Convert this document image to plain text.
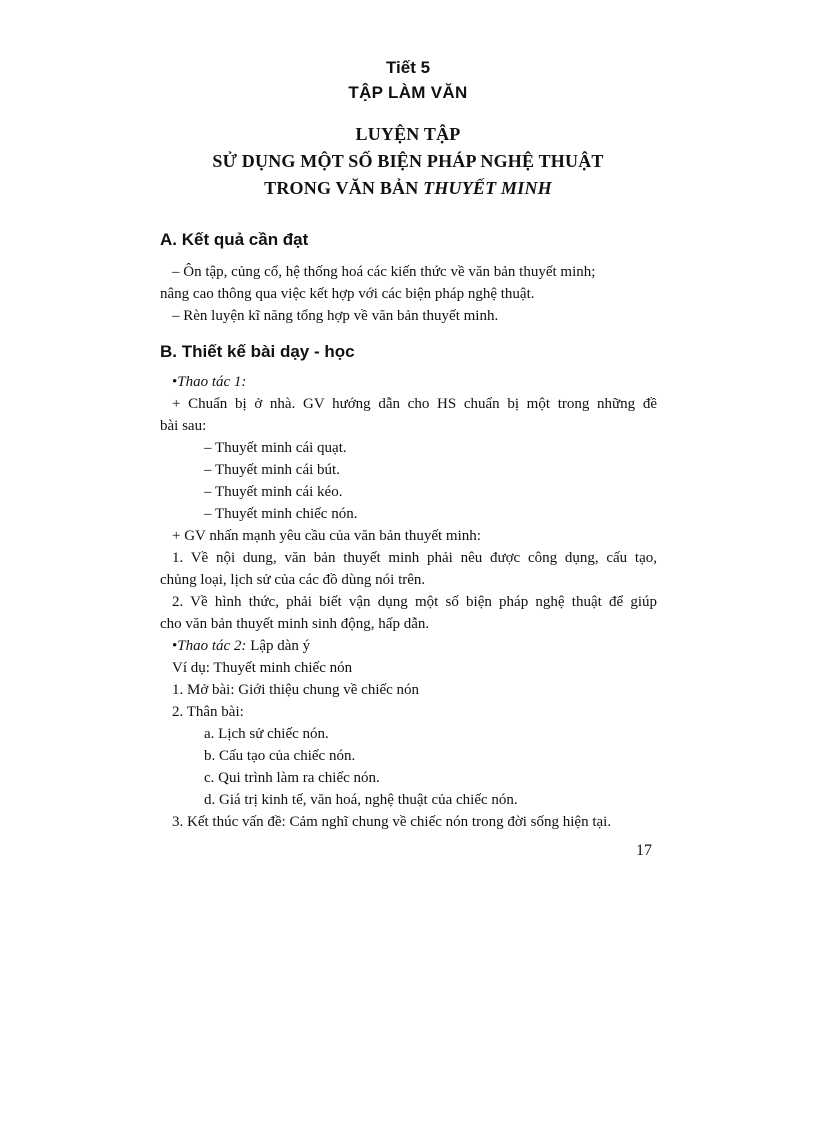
Tiết 5
TẬP LÀM VĂN
LUYỆN TẬP
SỬ DỤNG MỘT SỐ BIỆN PHÁP NGHỆ THUẬT
TRONG VĂN BẢN THUYẾT MINH
A. Kết quả cần đạt
– Ôn tập, củng cố, hệ thống hoá các kiến thức về văn bản thuyết minh;
nâng cao thông qua việc kết hợp với các biện pháp nghệ thuật.
– Rèn luyện kĩ năng tổng hợp về văn bản thuyết minh.
B. Thiết kế bài dạy - học
•Thao tác 1:
+ Chuẩn bị ở nhà. GV hướng dẫn cho HS chuẩn bị một trong những đề
bài sau:
– Thuyết minh cái quạt.
– Thuyết minh cái bút.
– Thuyết minh cái kéo.
– Thuyết minh chiếc nón.
+ GV nhấn mạnh yêu cầu của văn bản thuyết minh:
1. Về nội dung, văn bản thuyết minh phải nêu được công dụng, cấu tạo,
chủng loại, lịch sử của các đồ dùng nói trên.
2. Về hình thức, phải biết vận dụng một số biện pháp nghệ thuật để giúp
cho văn bản thuyết minh sinh động, hấp dẫn.
•Thao tác 2: Lập dàn ý
Ví dụ: Thuyết minh chiếc nón
1. Mở bài: Giới thiệu chung về chiếc nón
2. Thân bài:
a. Lịch sử chiếc nón.
b. Cấu tạo của chiếc nón.
c. Qui trình làm ra chiếc nón.
d. Giá trị kinh tế, văn hoá, nghệ thuật của chiếc nón.
3. Kết thúc vấn đề: Cảm nghĩ chung về chiếc nón trong đời sống hiện tại.
17
